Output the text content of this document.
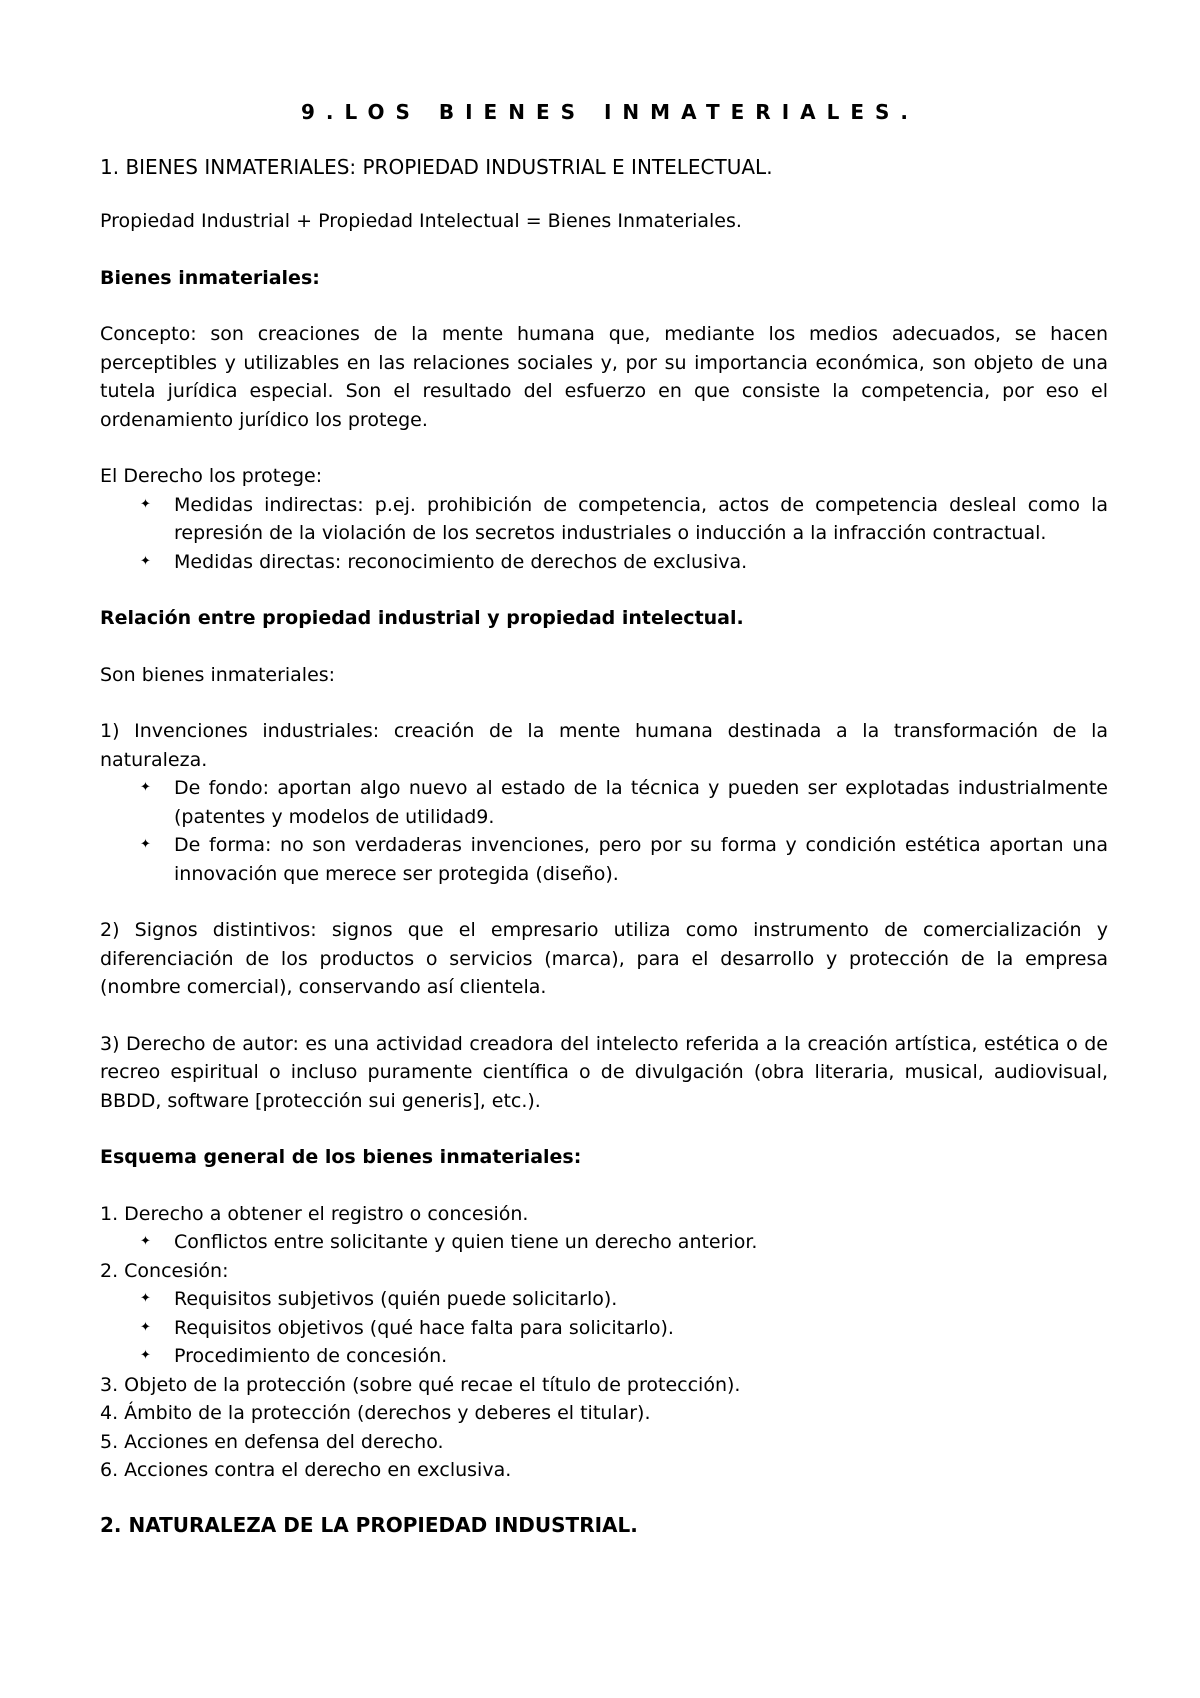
9.LOS BIENES INMATERIALES.
1. BIENES INMATERIALES: PROPIEDAD INDUSTRIAL E INTELECTUAL.
Propiedad Industrial + Propiedad Intelectual = Bienes Inmateriales.
Bienes inmateriales:
Concepto: son creaciones de la mente humana que, mediante los medios adecuados, se hacen perceptibles y utilizables en las relaciones sociales y, por su importancia económica, son objeto de una tutela jurídica especial. Son el resultado del esfuerzo en que consiste la competencia, por eso el ordenamiento jurídico los protege.
El Derecho los protege:
✦ Medidas indirectas: p.ej. prohibición de competencia, actos de competencia desleal como la represión de la violación de los secretos industriales o inducción a la infracción contractual.
✦ Medidas directas: reconocimiento de derechos de exclusiva.
Relación entre propiedad industrial y propiedad intelectual.
Son bienes inmateriales:
1) Invenciones industriales: creación de la mente humana destinada a la transformación de la naturaleza.
✦ De fondo: aportan algo nuevo al estado de la técnica y pueden ser explotadas industrialmente (patentes y modelos de utilidad9.
✦ De forma: no son verdaderas invenciones, pero por su forma y condición estética aportan una innovación que merece ser protegida (diseño).
2) Signos distintivos: signos que el empresario utiliza como instrumento de comercialización y diferenciación de los productos o servicios (marca), para el desarrollo y protección de la empresa (nombre comercial), conservando así clientela.
3) Derecho de autor: es una actividad creadora del intelecto referida a la creación artística, estética o de recreo espiritual o incluso puramente científica o de divulgación (obra literaria, musical, audiovisual, BBDD, software [protección sui generis], etc.).
Esquema general de los bienes inmateriales:
1. Derecho a obtener el registro o concesión.
✦ Conflictos entre solicitante y quien tiene un derecho anterior.
2. Concesión:
✦ Requisitos subjetivos (quién puede solicitarlo).
✦ Requisitos objetivos (qué hace falta para solicitarlo).
✦ Procedimiento de concesión.
3. Objeto de la protección (sobre qué recae el título de protección).
4. Ámbito de la protección (derechos y deberes el titular).
5. Acciones en defensa del derecho.
6. Acciones contra el derecho en exclusiva.
2. NATURALEZA DE LA PROPIEDAD INDUSTRIAL.
